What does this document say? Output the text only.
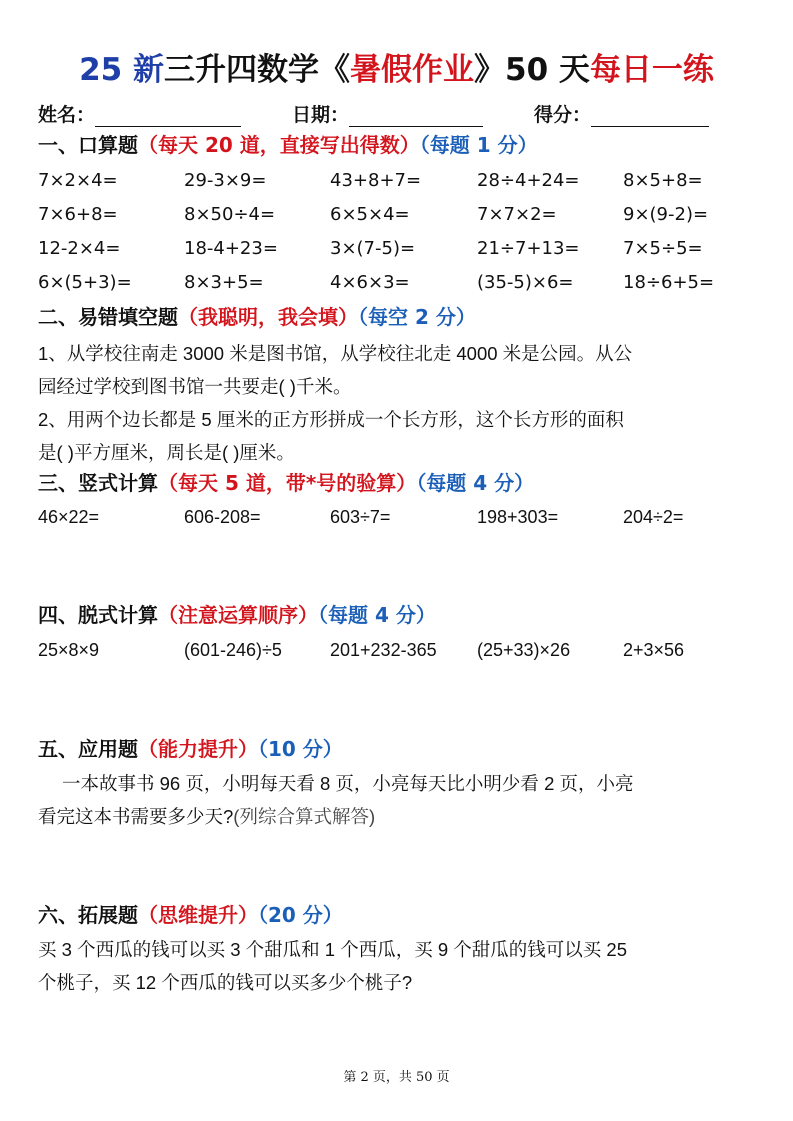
25 新三升四数学《暑假作业》50 天每日一练
姓名：	日期：	得分：
一、口算题（每天 20 道，直接写出得数）（每题 1 分）
7×2×4=	29-3×9=	43+8+7=	28÷4+24= 8×5+8=
7×6+8=	8×50÷4=	6×5×4=	7×7×2=	9×(9-2)=
12-2×4=	18-4+23=	3×(7-5)=	21÷7+13= 7×5÷5=
6×(5+3)=	8×3+5=	4×6×3=	(35-5)×6=	18÷6+5=
二、易错填空题（我聪明，我会填）（每空 2 分）
1、从学校往南走 3000 米是图书馆，从学校往北走 4000 米是公园。从公
园经过学校到图书馆一共要走( )千米。
2、用两个边长都是 5 厘米的正方形拼成一个长方形，这个长方形的面积
是( )平方厘米，周长是( )厘米。
三、竖式计算（每天 5 道，带*号的验算）（每题 4 分）
46×22=	606-208=	603÷7=	198+303=	204÷2=
四、脱式计算（注意运算顺序）（每题 4 分）
25×8×9	(601-246)÷5	201+232-365 (25+33)×26	2+3×56
五、应用题（能力提升）（10 分）
一本故事书 96 页，小明每天看 8 页，小亮每天比小明少看 2 页，小亮
看完这本书需要多少天?(列综合算式解答)
六、拓展题（思维提升）（20 分）
买 3 个西瓜的钱可以买 3 个甜瓜和 1 个西瓜，买 9 个甜瓜的钱可以买 25
个桃子，买 12 个西瓜的钱可以买多少个桃子?
第 2 页，共 50 页
